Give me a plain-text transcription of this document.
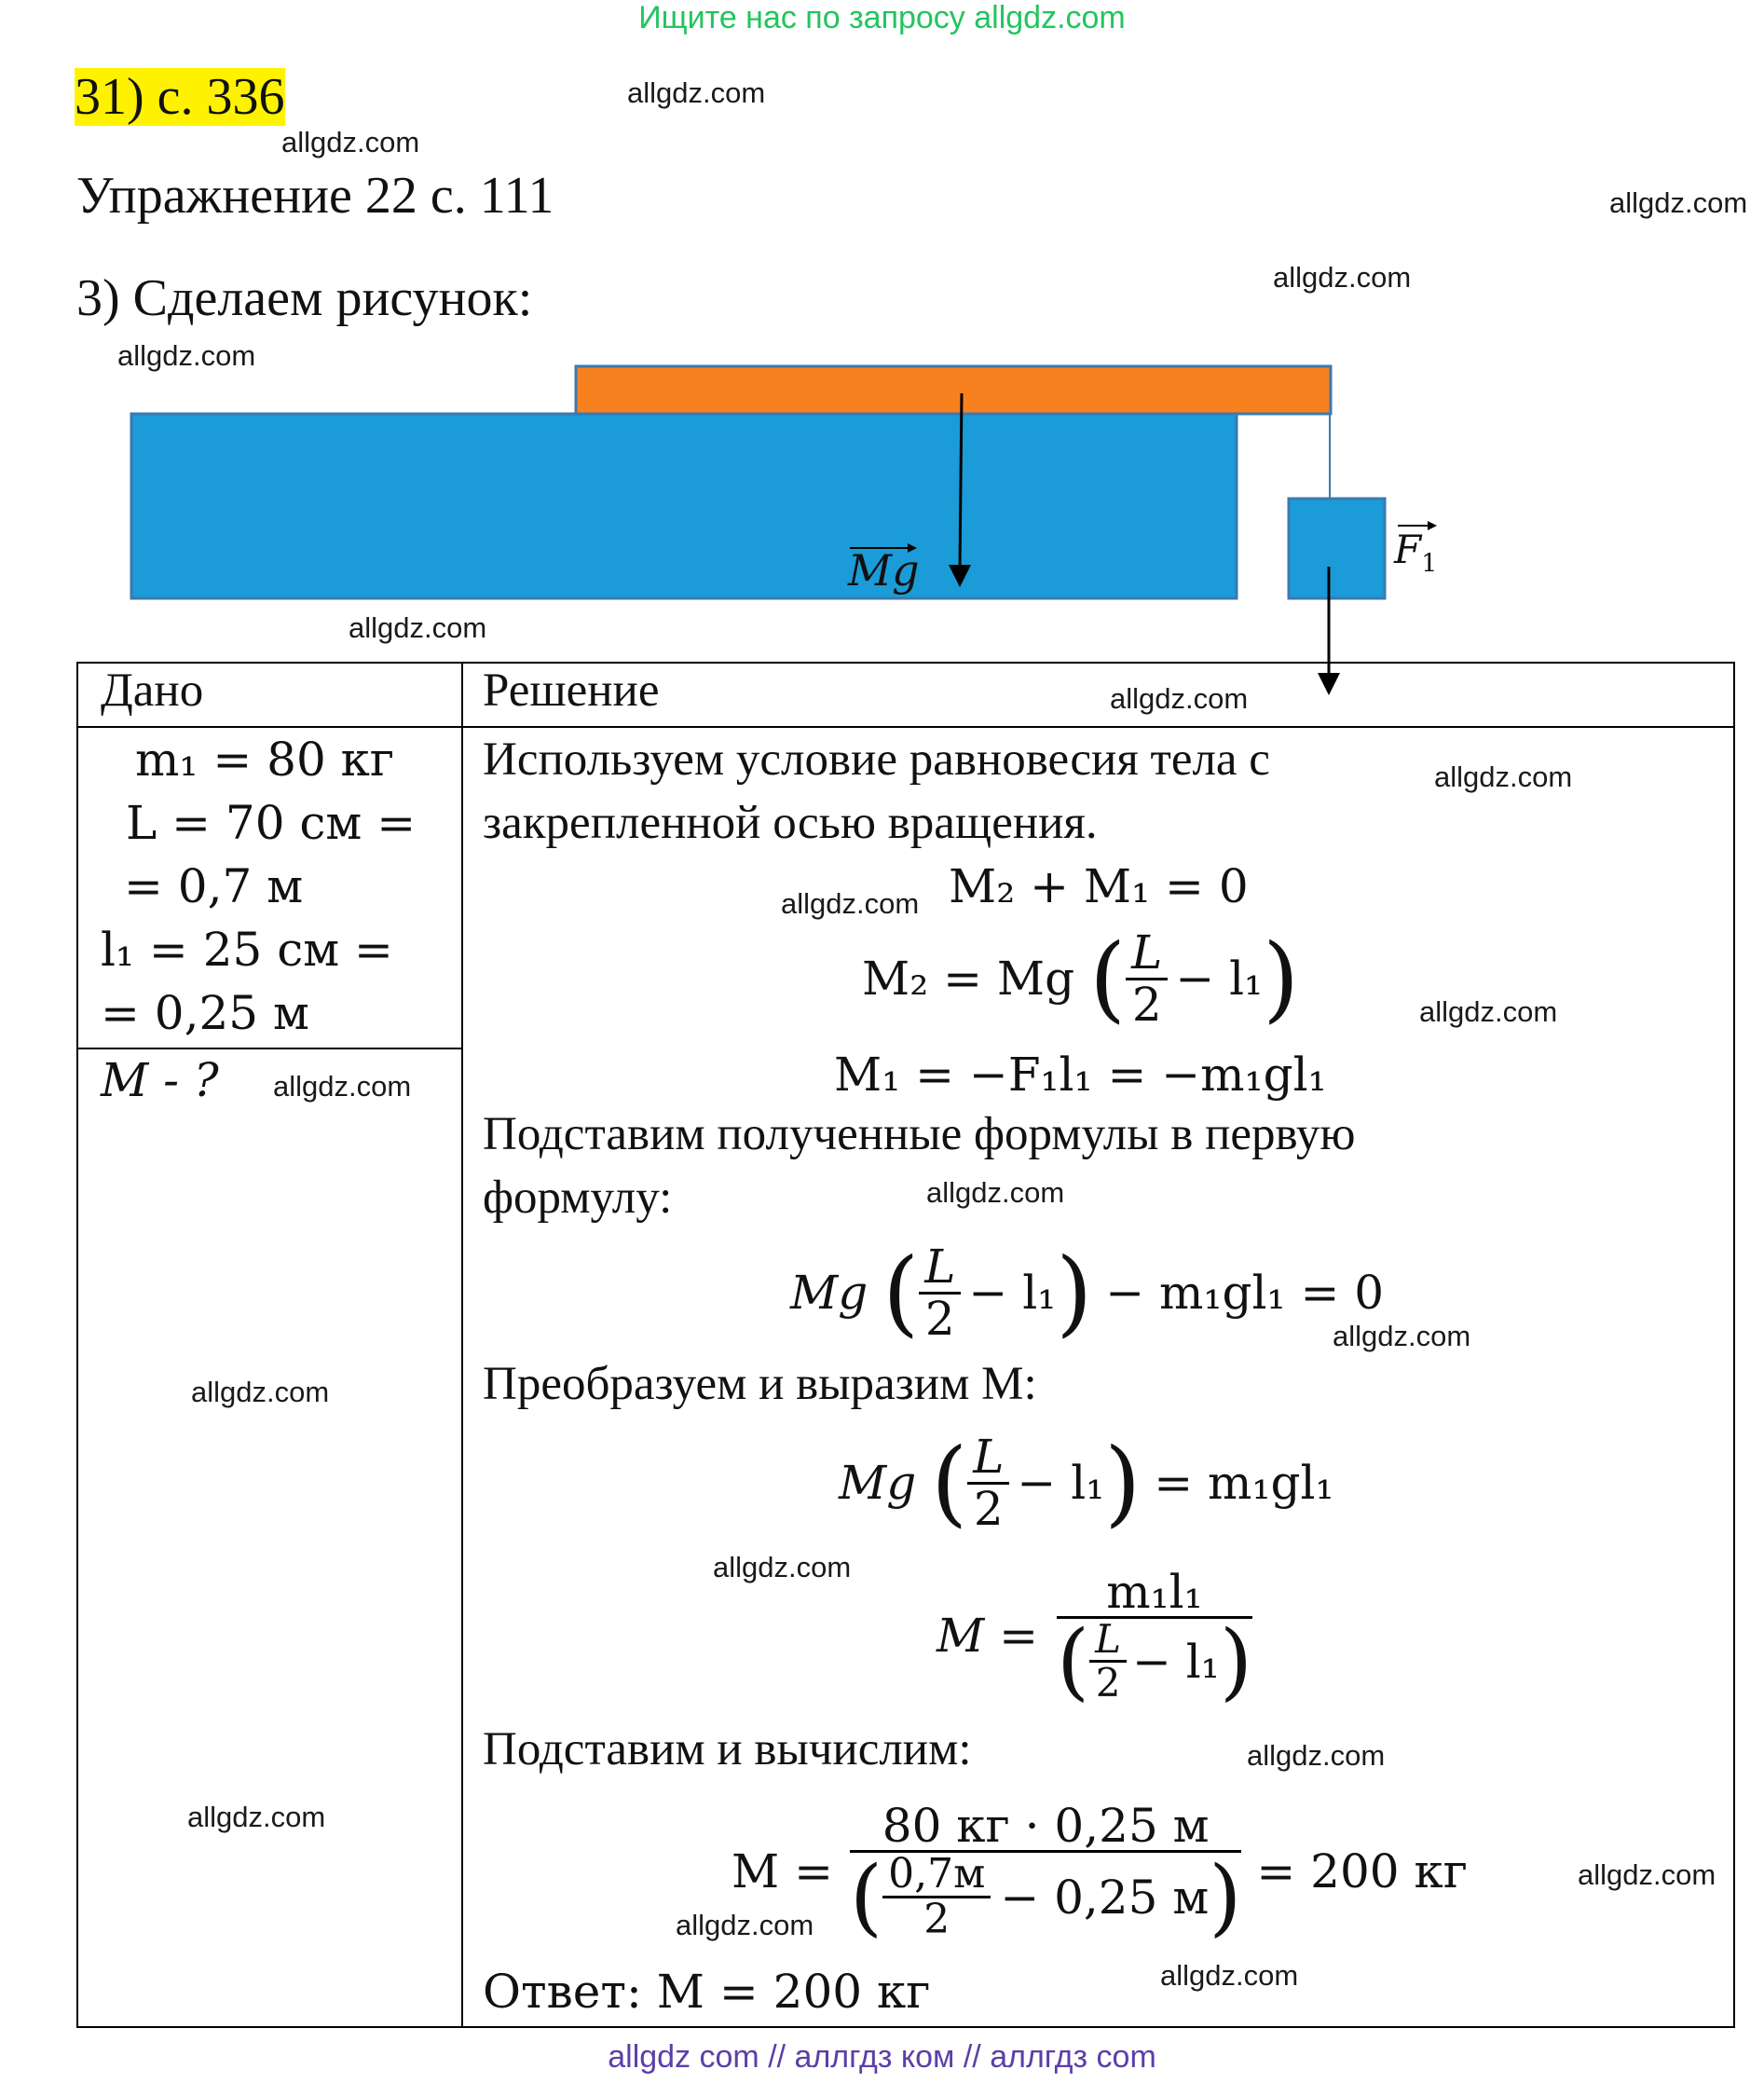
Ищите нас по запросу allgdz.com
31) с. 336
Упражнение 22 с. 111
3) Сделаем рисунок:
Mg	$F_1$
Дано	Решение
m₁ = 80 кг
L = 70 см =
= 0,7 м
l₁ = 25 см =
= 0,25 м
M - ?
Используем условие равновесия тела с
закрепленной осью вращения.
M₂ + M₁ = 0
M₂ = Mg ( $\frac{L}{2} - l_1$ )
M₁ = −F₁l₁ = −m₁gl₁
Подставим полученные формулы в первую
формулу:
Mg ( $\frac{L}{2} - l_1$ ) − m₁gl₁ = 0
Преобразуем и выразим M:
Mg ( $\frac{L}{2} - l_1$ ) = m₁gl₁
$M = \frac{\text{m₁l₁}}{( \frac{L}{2} - l_1 )}$
Подставим и вычислим:
$M = \frac{80 кг \cdot 0,25 м}{( \frac{0,7м}{2} - 0,25 м )} = 200$ кг
Ответ: M = 200 кг
allgdz.com
allgdz.com
allgdz.com
allgdz.com
allgdz.com
allgdz.com
allgdz.com
allgdz.com
allgdz.com
allgdz.com
allgdz.com
allgdz.com
allgdz.com
allgdz.com
allgdz.com
allgdz.com
allgdz.com
allgdz.com
allgdz.com
allgdz.com
allgdz com // аллгдз ком // аллгдз com
